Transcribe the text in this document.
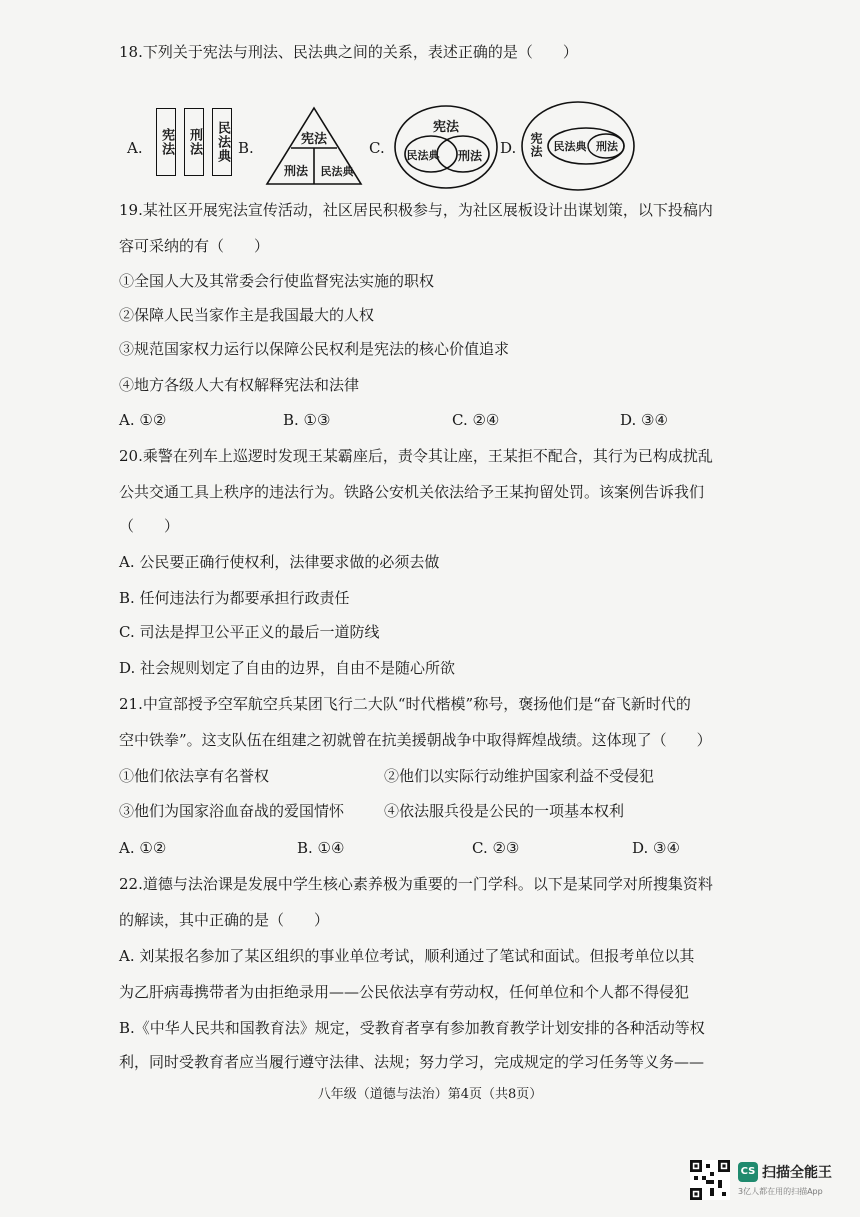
18.下列关于宪法与刑法、民法典之间的关系，表述正确的是（　　）
A. 宪法 刑法 民法典 B.	宪法
刑法	民法典
C.
宪法
民法典	刑法	D. 宪法 民法典 刑法
19.某社区开展宪法宣传活动，社区居民积极参与，为社区展板设计出谋划策，以下投稿内
容可采纳的有（　　）
①全国人大及其常委会行使监督宪法实施的职权
②保障人民当家作主是我国最大的人权
③规范国家权力运行以保障公民权利是宪法的核心价值追求
④地方各级人大有权解释宪法和法律
A. ①②	B. ①③	C. ②④	D. ③④
20.乘警在列车上巡逻时发现王某霸座后，责令其让座，王某拒不配合，其行为已构成扰乱
公共交通工具上秩序的违法行为。铁路公安机关依法给予王某拘留处罚。该案例告诉我们
（　　）
A. 公民要正确行使权利，法律要求做的必须去做
B. 任何违法行为都要承担行政责任
C. 司法是捍卫公平正义的最后一道防线
D. 社会规则划定了自由的边界，自由不是随心所欲
21.中宣部授予空军航空兵某团飞行二大队“时代楷模”称号，褒扬他们是“奋飞新时代的
空中铁拳”。这支队伍在组建之初就曾在抗美援朝战争中取得辉煌战绩。这体现了（　　）
①他们依法享有名誉权	②他们以实际行动维护国家利益不受侵犯
③他们为国家浴血奋战的爱国情怀	④依法服兵役是公民的一项基本权利
A. ①②	B. ①④	C. ②③	D. ③④
22.道德与法治课是发展中学生核心素养极为重要的一门学科。以下是某同学对所搜集资料
的解读，其中正确的是（　　）
A. 刘某报名参加了某区组织的事业单位考试，顺利通过了笔试和面试。但报考单位以其
为乙肝病毒携带者为由拒绝录用——公民依法享有劳动权，任何单位和个人都不得侵犯
B.《中华人民共和国教育法》规定，受教育者享有参加教育教学计划安排的各种活动等权
利，同时受教育者应当履行遵守法律、法规；努力学习，完成规定的学习任务等义务——
八年级（道德与法治）第4页（共8页）
CS 扫描全能王
3亿人都在用的扫描App
